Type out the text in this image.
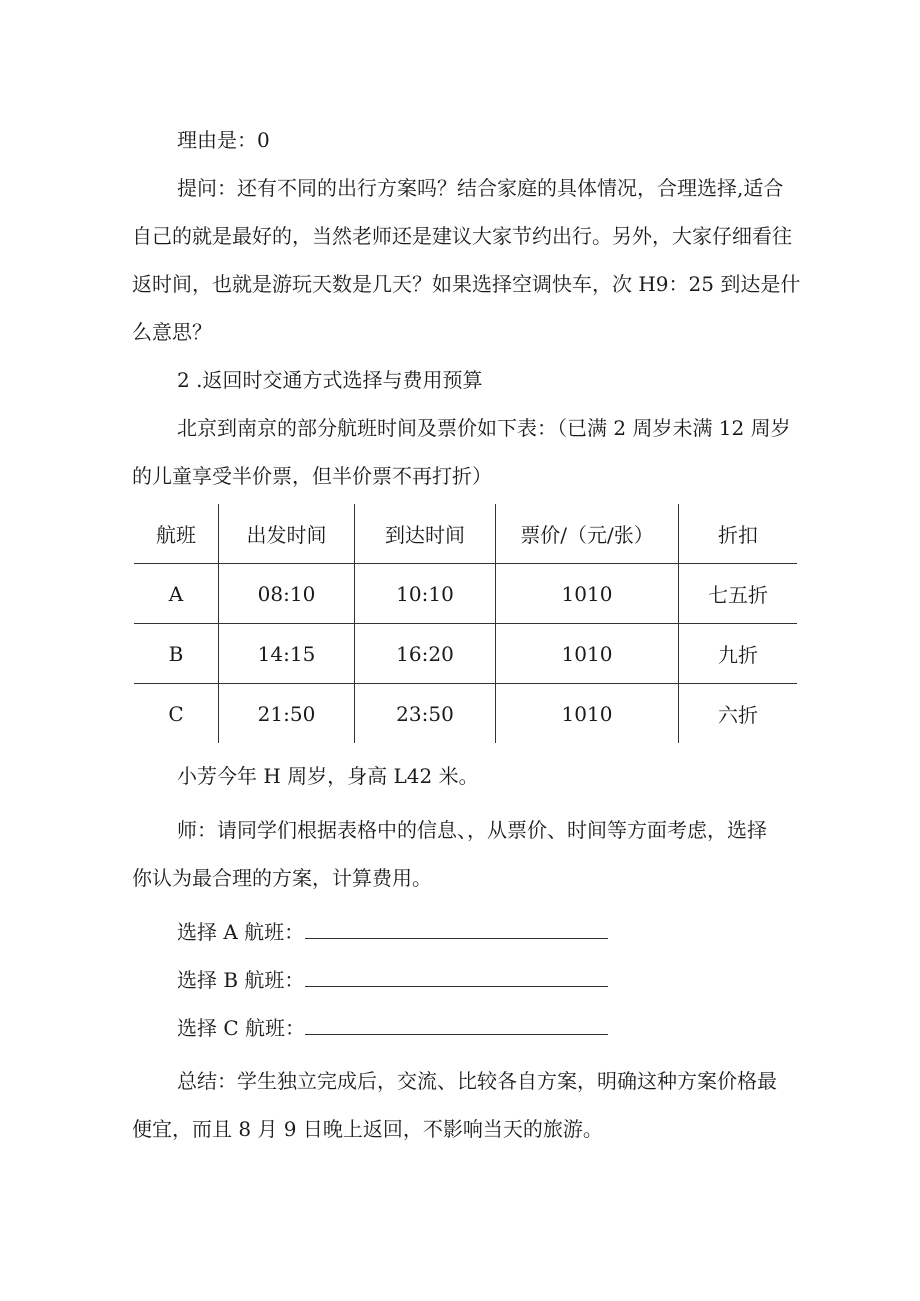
理由是：0
提问：还有不同的出行方案吗？结合家庭的具体情况，合理选择,适合
自己的就是最好的，当然老师还是建议大家节约出行。另外，大家仔细看往
返时间，也就是游玩天数是几天？如果选择空调快车，次 H9：25 到达是什
么意思？
2 .返回时交通方式选择与费用预算
北京到南京的部分航班时间及票价如下表：（已满 2 周岁未满 12 周岁
的儿童享受半价票，但半价票不再打折）
航班	出发时间	到达时间	票价/（元/张）	折扣
A	08:10	10:10	1010	七五折
B	14:15	16:20	1010	九折
C	21:50	23:50	1010	六折
小芳今年 H 周岁，身高 L42 米。
师：请同学们根据表格中的信息、，从票价、时间等方面考虑，选择
你认为最合理的方案，计算费用。
选择 A 航班：
选择 B 航班：
选择 C 航班：
总结：学生独立完成后，交流、比较各自方案，明确这种方案价格最
便宜，而且 8 月 9 日晚上返回，不影响当天的旅游。
